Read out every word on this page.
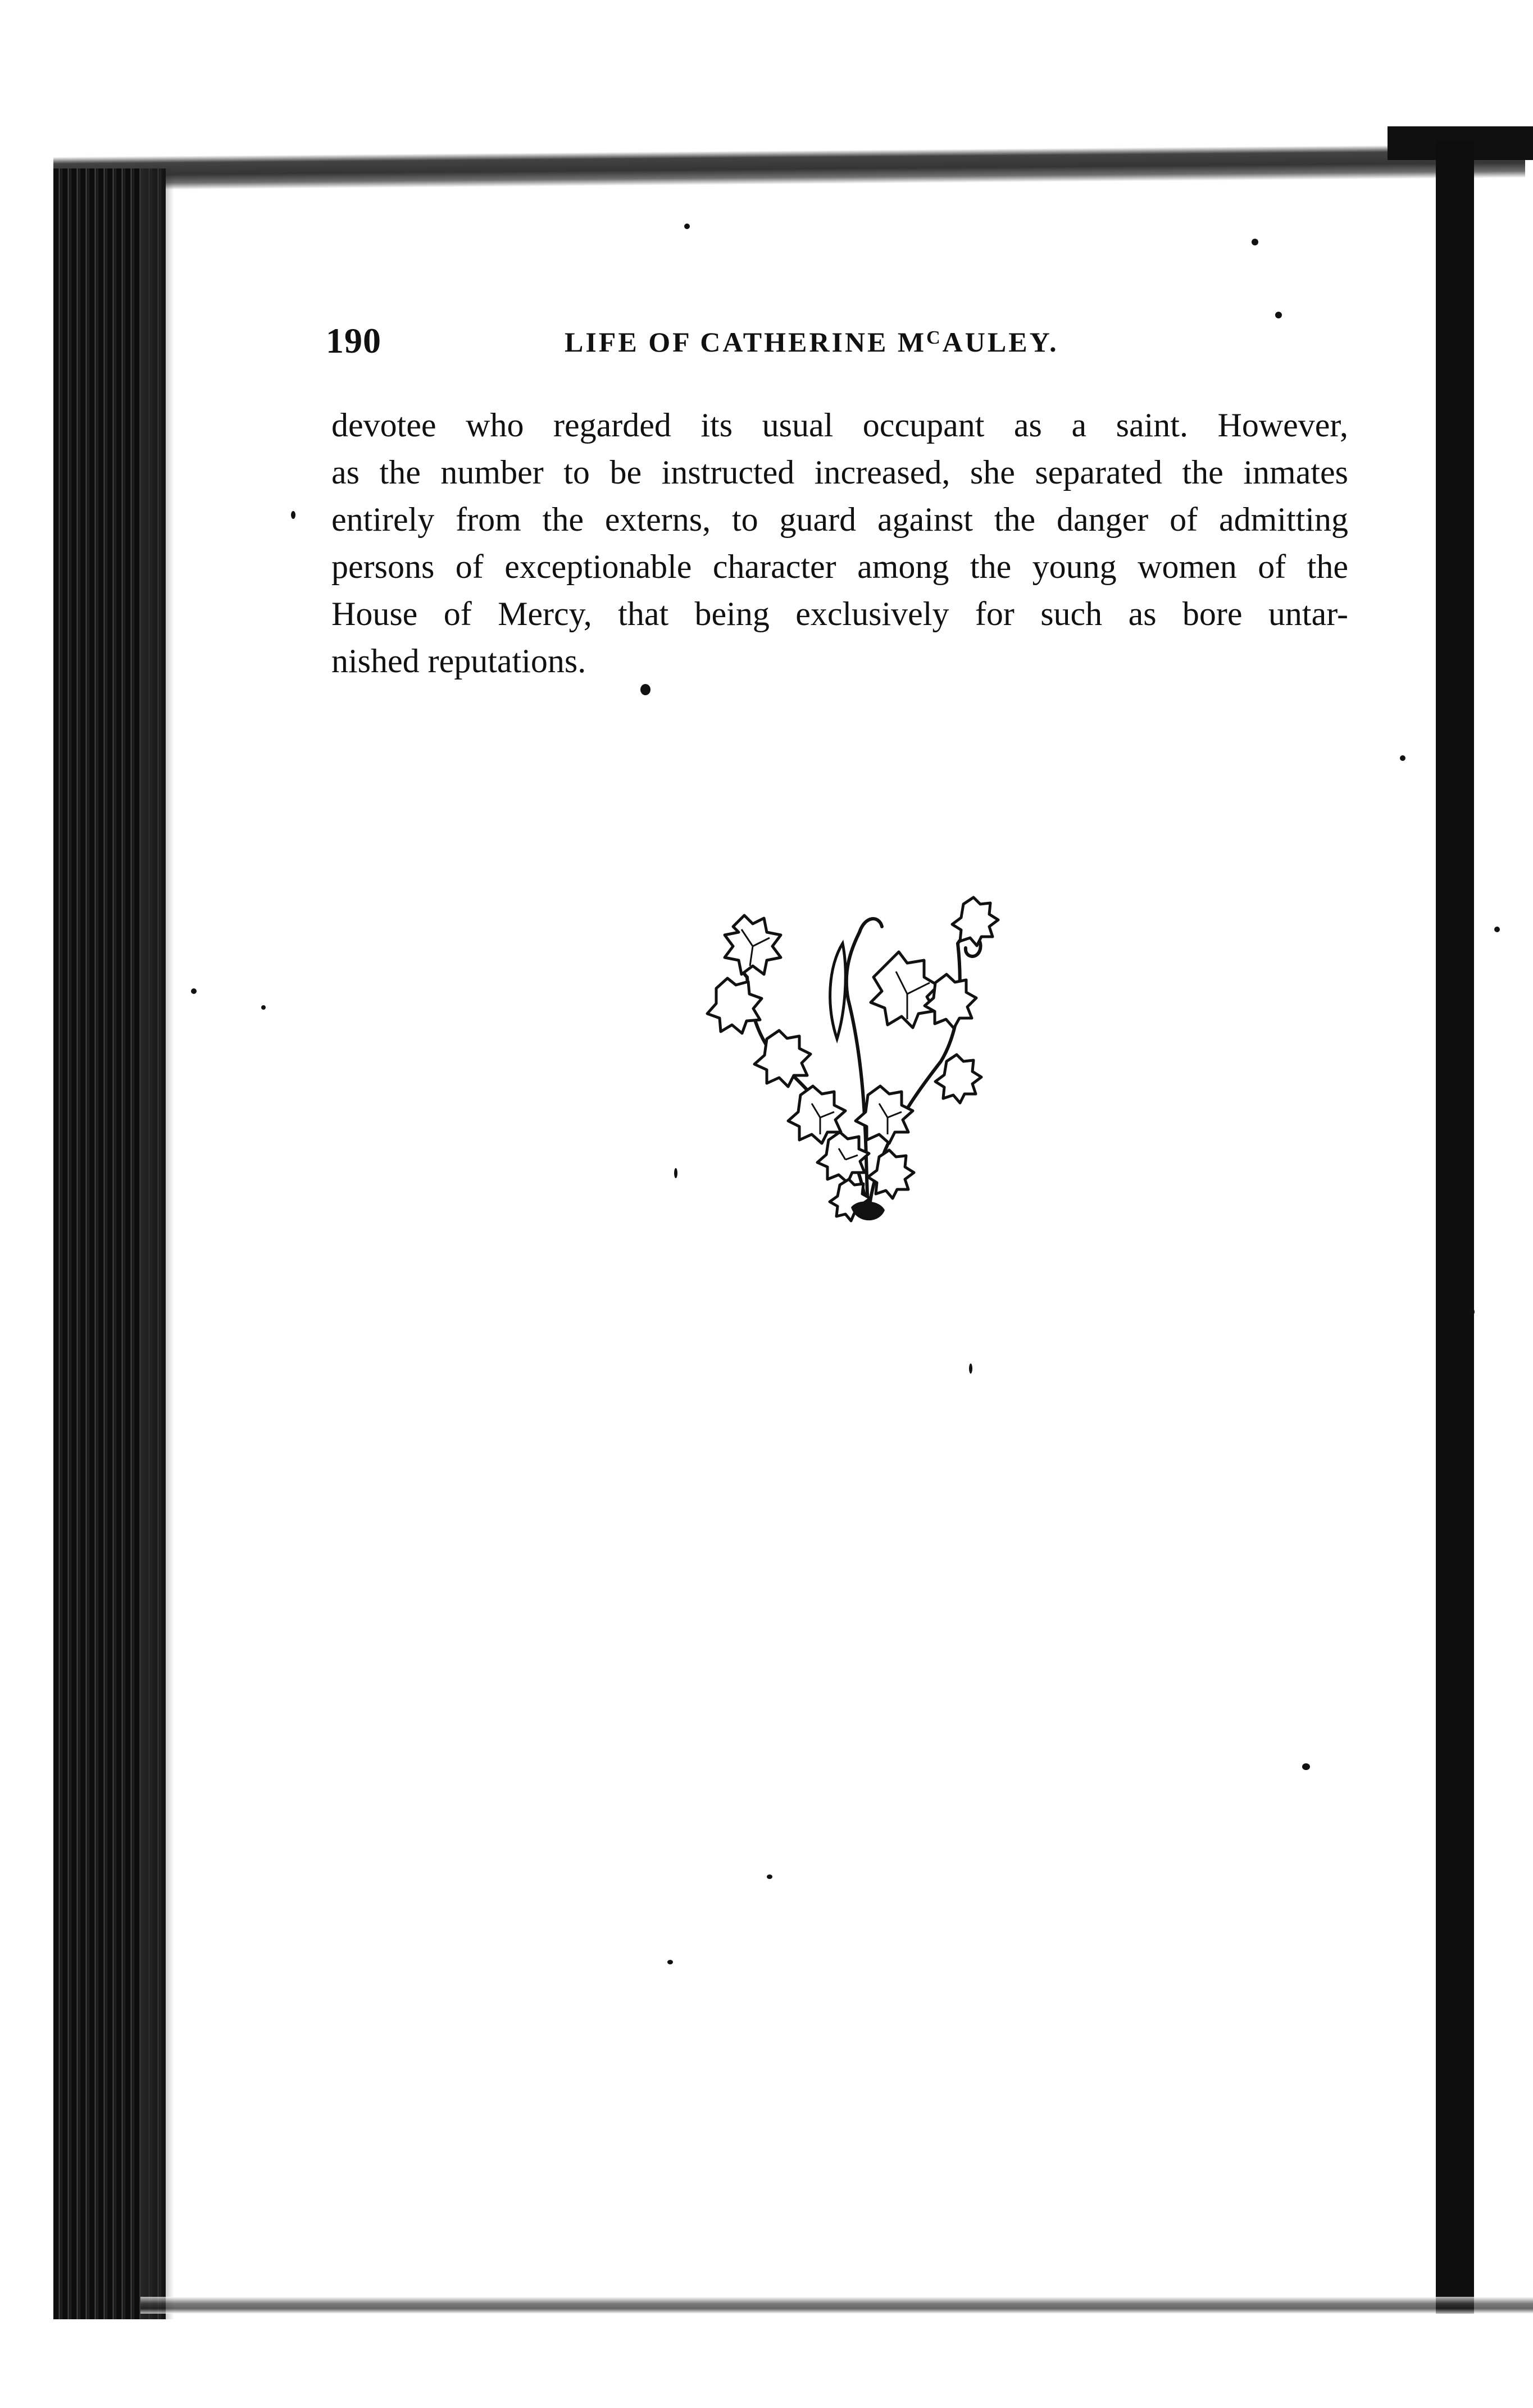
190	LIFE OF CATHERINE $M^CAULEY$.
devotee who regarded its usual occupant as a saint. However,
as the number to be instructed increased, she separated the inmates
entirely from the externs, to guard against the danger of admitting
persons of exceptionable character among the young women of the
House of Mercy, that being exclusively for such as bore untar-
nished reputations.
